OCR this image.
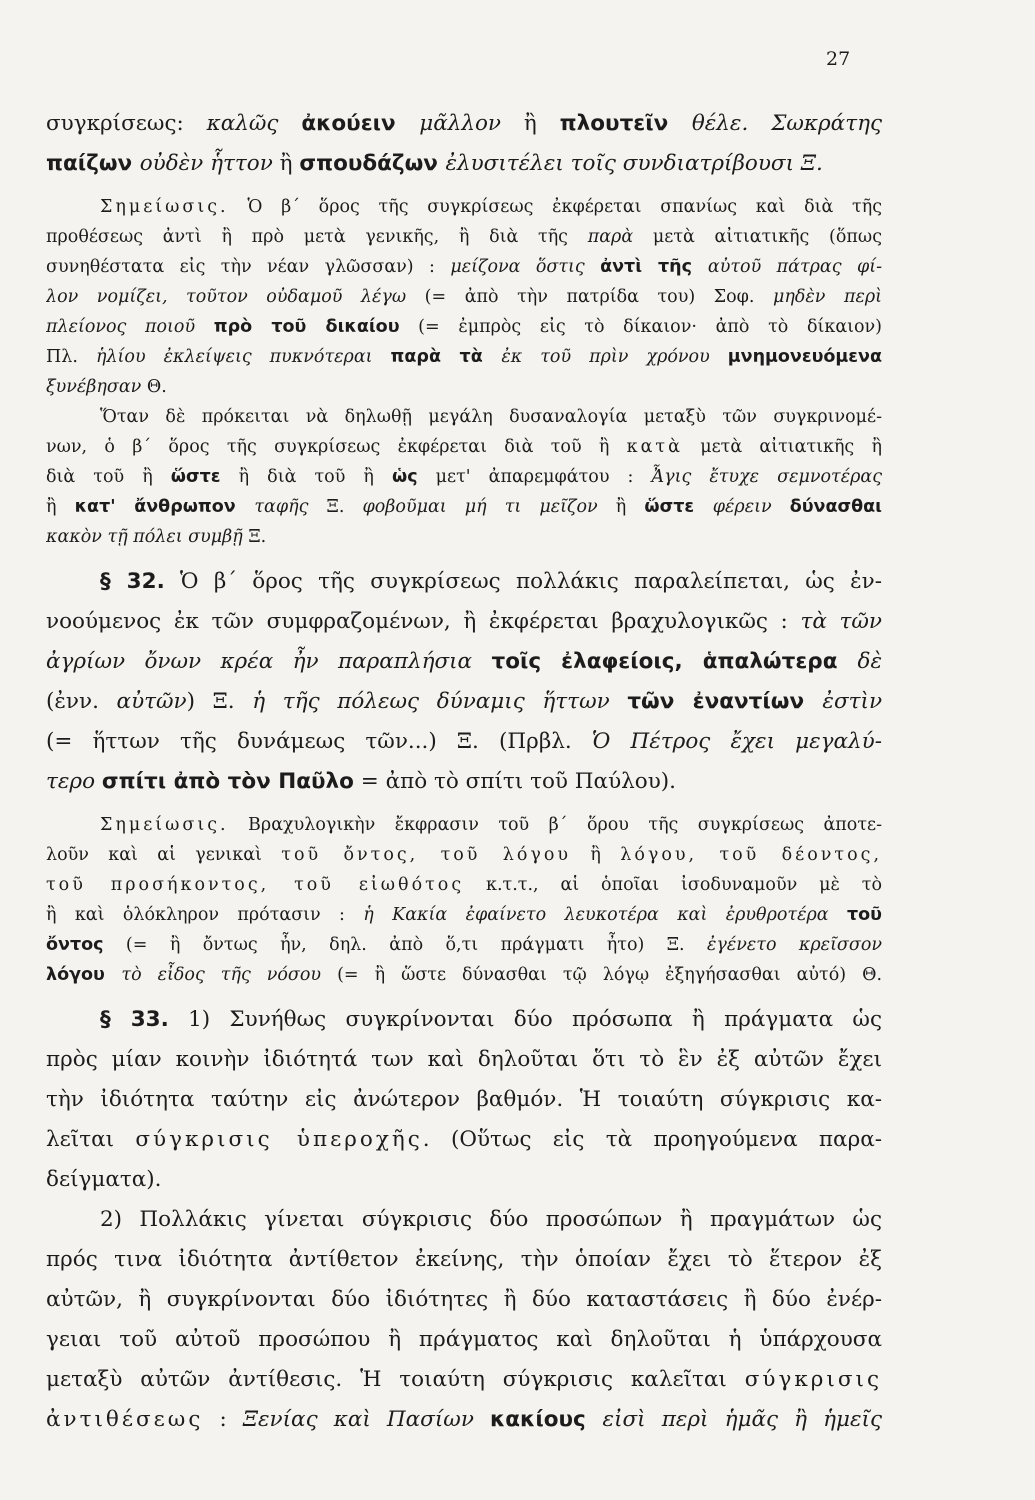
27
συγκρίσεως: καλῶς ἀκούειν μᾶλλον ἢ πλουτεῖν θέλε. Σωκράτης
παίζων οὐδὲν ἧττον ἢ σπουδάζων ἐλυσιτέλει τοῖς συνδιατρίβουσι Ξ.
Σημείωσις. Ὁ β΄ ὅρος τῆς συγκρίσεως ἐκφέρεται σπανίως καὶ διὰ τῆς
προθέσεως ἀντὶ ἢ πρὸ μετὰ γενικῆς, ἢ διὰ τῆς παρὰ μετὰ αἰτιατικῆς (ὅπως
συνηθέστατα εἰς τὴν νέαν γλῶσσαν) : μείζονα ὅστις ἀντὶ τῆς αὐτοῦ πάτρας φί-
λον νομίζει, τοῦτον οὐδαμοῦ λέγω (= ἀπὸ τὴν πατρίδα του) Σοφ. μηδὲν περὶ
πλείονος ποιοῦ πρὸ τοῦ δικαίου (= ἐμπρὸς εἰς τὸ δίκαιον· ἀπὸ τὸ δίκαιον)
Πλ. ἡλίου ἐκλείψεις πυκνότεραι παρὰ τὰ ἐκ τοῦ πρὶν χρόνου μνημονευόμενα
ξυνέβησαν Θ.
Ὅταν δὲ πρόκειται νὰ δηλωθῇ μεγάλη δυσαναλογία μεταξὺ τῶν συγκρινομέ-
νων, ὁ β΄ ὅρος τῆς συγκρίσεως ἐκφέρεται διὰ τοῦ ἢ κατὰ μετὰ αἰτιατικῆς ἢ
διὰ τοῦ ἢ ὥστε ἢ διὰ τοῦ ἢ ὡς μετ' ἀπαρεμφάτου : Ἆγις ἔτυχε σεμνοτέρας
ἢ κατ' ἄνθρωπον ταφῆς Ξ. φοβοῦμαι μή τι μεῖζον ἢ ὥστε φέρειν δύνασθαι
κακὸν τῇ πόλει συμβῇ Ξ.
§ 32. Ὁ β΄ ὅρος τῆς συγκρίσεως πολλάκις παραλείπεται, ὡς ἐν-
νοούμενος ἐκ τῶν συμφραζομένων, ἢ ἐκφέρεται βραχυλογικῶς : τὰ τῶν
ἀγρίων ὄνων κρέα ἦν παραπλήσια τοῖς ἐλαφείοις, ἁπαλώτερα δὲ
(ἐνν. αὐτῶν) Ξ. ἡ τῆς πόλεως δύναμις ἥττων τῶν ἐναντίων ἐστὶν
(= ἥττων τῆς δυνάμεως τῶν...) Ξ. (Πρβλ. Ὁ Πέτρος ἔχει μεγαλύ-
τερο σπίτι ἀπὸ τὸν Παῦλο = ἀπὸ τὸ σπίτι τοῦ Παύλου).
Σημείωσις. Βραχυλογικὴν ἔκφρασιν τοῦ β΄ ὅρου τῆς συγκρίσεως ἀποτε-
λοῦν καὶ αἱ γενικαὶ τοῦ ὄντος, τοῦ λόγου ἢ λόγου, τοῦ δέοντος,
τοῦ προσήκοντος, τοῦ εἰωθότος κ.τ.τ., αἱ ὁποῖαι ἰσοδυναμοῦν μὲ τὸ
ἢ καὶ ὁλόκληρον πρότασιν : ἡ Κακία ἐφαίνετο λευκοτέρα καὶ ἐρυθροτέρα τοῦ
ὄντος (= ἢ ὄντως ἦν, δηλ. ἀπὸ ὅ,τι πράγματι ἦτο) Ξ. ἐγένετο κρεῖσσον
λόγου τὸ εἶδος τῆς νόσου (= ἢ ὥστε δύνασθαι τῷ λόγῳ ἐξηγήσασθαι αὐτό) Θ.
§ 33. 1) Συνήθως συγκρίνονται δύο πρόσωπα ἢ πράγματα ὡς
πρὸς μίαν κοινὴν ἰδιότητά των καὶ δηλοῦται ὅτι τὸ ἓν ἐξ αὐτῶν ἔχει
τὴν ἰδιότητα ταύτην εἰς ἀνώτερον βαθμόν. Ἡ τοιαύτη σύγκρισις κα-
λεῖται σύγκρισις ὑπεροχῆς. (Οὕτως εἰς τὰ προηγούμενα παρα-
δείγματα).
2) Πολλάκις γίνεται σύγκρισις δύο προσώπων ἢ πραγμάτων ὡς
πρός τινα ἰδιότητα ἀντίθετον ἐκείνης, τὴν ὁποίαν ἔχει τὸ ἕτερον ἐξ
αὐτῶν, ἢ συγκρίνονται δύο ἰδιότητες ἢ δύο καταστάσεις ἢ δύο ἐνέρ-
γειαι τοῦ αὐτοῦ προσώπου ἢ πράγματος καὶ δηλοῦται ἡ ὑπάρχουσα
μεταξὺ αὐτῶν ἀντίθεσις. Ἡ τοιαύτη σύγκρισις καλεῖται σύγκρισις
ἀντιθέσεως : Ξενίας καὶ Πασίων κακίους εἰσὶ περὶ ἡμᾶς ἢ ἡμεῖς
